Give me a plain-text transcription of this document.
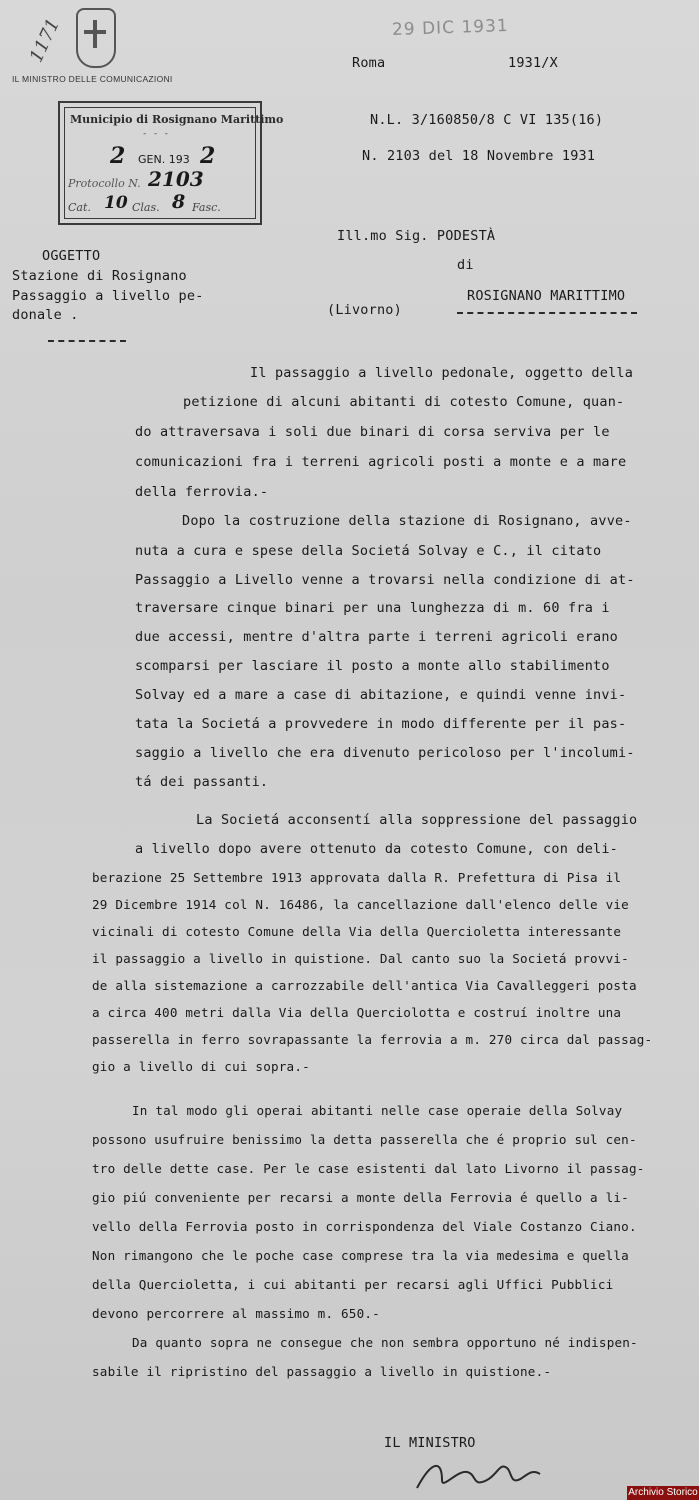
1171
IL MINISTRO DELLE COMUNICAZIONI
29 DIC 1931
Municipio di Rosignano Marittimo
- - -
2 GEN. 193 2
Protocollo N. 2103
Cat. 10 Clas. 8 Fasc.
Roma	1931/X
N.L. 3/160850/8 C VI 135(16)
N. 2103 del 18 Novembre 1931
Ill.mo Sig. PODESTÀ
di
(Livorno)
ROSIGNANO MARITTIMO
OGGETTO
Stazione di Rosignano
Passaggio a livello pe-
donale .
Il passaggio a livello pedonale, oggetto della
petizione di alcuni abitanti di cotesto Comune, quan-
do attraversava i soli due binari di corsa serviva per le
comunicazioni fra i terreni agricoli posti a monte e a mare
della ferrovia.-
Dopo la costruzione della stazione di Rosignano, avve-
nuta a cura e spese della Societá Solvay e C., il citato
Passaggio a Livello venne a trovarsi nella condizione di at-
traversare cinque binari per una lunghezza di m. 60 fra i
due accessi, mentre d'altra parte i terreni agricoli erano
scomparsi per lasciare il posto a monte allo stabilimento
Solvay ed a mare a case di abitazione, e quindi venne invi-
tata la Societá a provvedere in modo differente per il pas-
saggio a livello che era divenuto pericoloso per l'incolumi-
tá dei passanti.
La Societá acconsentí alla soppressione del passaggio
a livello dopo avere ottenuto da cotesto Comune, con deli-
berazione 25 Settembre 1913 approvata dalla R. Prefettura di Pisa il
29 Dicembre 1914 col N. 16486, la cancellazione dall'elenco delle vie
vicinali di cotesto Comune della Via della Quercioletta interessante
il passaggio a livello in quistione. Dal canto suo la Societá provvi-
de alla sistemazione a carrozzabile dell'antica Via Cavalleggeri posta
a circa 400 metri dalla Via della Querciolotta e costruí inoltre una
passerella in ferro sovrapassante la ferrovia a m. 270 circa dal passag-
gio a livello di cui sopra.-
In tal modo gli operai abitanti nelle case operaie della Solvay
possono usufruire benissimo la detta passerella che é proprio sul cen-
tro delle dette case. Per le case esistenti dal lato Livorno il passag-
gio piú conveniente per recarsi a monte della Ferrovia é quello a li-
vello della Ferrovia posto in corrispondenza del Viale Costanzo Ciano.
Non rimangono che le poche case comprese tra la via medesima e quella
della Quercioletta, i cui abitanti per recarsi agli Uffici Pubblici
devono percorrere al massimo m. 650.-
Da quanto sopra ne consegue che non sembra opportuno né indispen-
sabile il ripristino del passaggio a livello in quistione.-
IL MINISTRO
Archivio Storico
